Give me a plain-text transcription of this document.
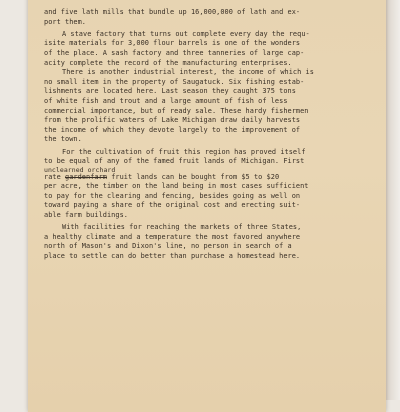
and five lath mills that bundle up 16,000,000 of lath and ex-
port them.
A stave factory that turns out complete every day the requ-
isite materials for 3,000 flour barrels is one of the wonders
of the place. A sash factory and three tanneries of large cap-
acity complete the record of the manufacturing enterprises.
There is another industrial interest, the income of which is
no small item in the property of Saugatuck. Six fishing estab-
lishments are located here. Last season they caught 375 tons
of white fish and trout and a large amount of fish of less
commercial importance, but of ready sale. These hardy fishermen
from the prolific waters of Lake Michigan draw daily harvests
the income of which they devote largely to the improvement of
the town.
For the cultivation of fruit this region has proved itself
to be equal of any of the famed fruit lands of Michigan. First
unclearned orchard
rate gardenfarm fruit lands can be bought from $5 to $20
per acre, the timber on the land being in most cases sufficient
to pay for the clearing and fencing, besides going as well on
toward paying a share of the original cost and erecting suit-
able farm buildings.
With facilities for reaching the markets of three States,
a healthy climate and a temperature the most favored anywhere
north of Mason's and Dixon's line, no person in search of a
place to settle can do better than purchase a homestead here.
